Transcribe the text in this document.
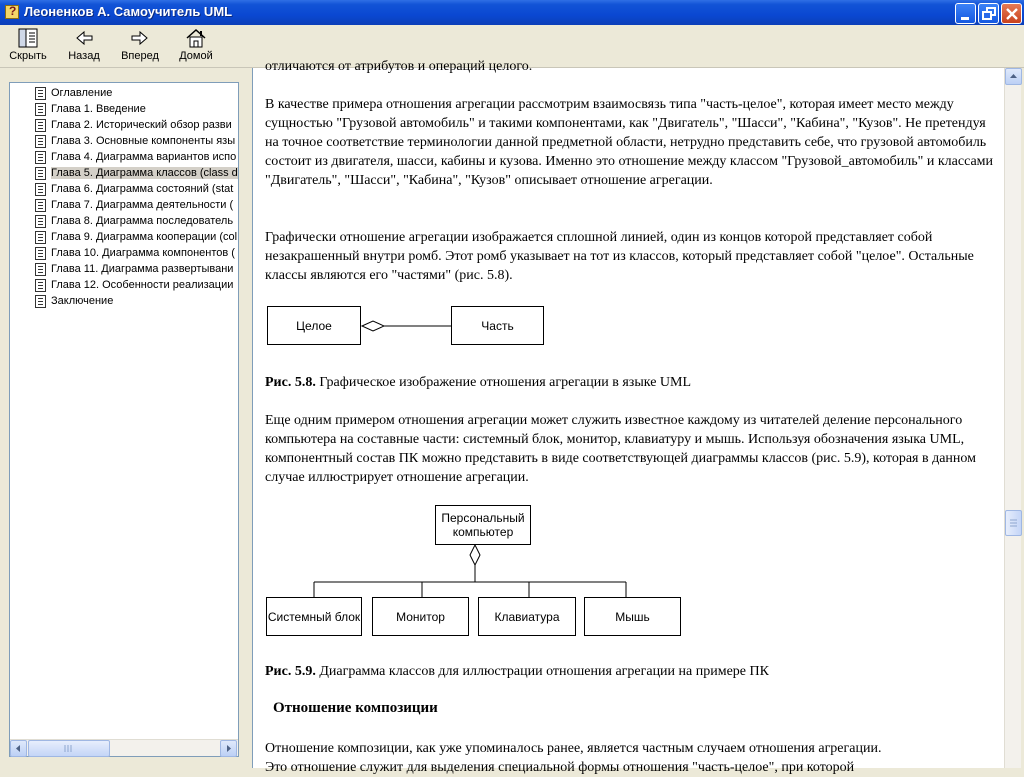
?
Леоненков А. Самоучитель UML
Скрыть Назад Вперед Домой
Оглавление
Глава 1. Введение
Глава 2. Исторический обзор разви
Глава 3. Основные компоненты язы
Глава 4. Диаграмма вариантов испо
Глава 5. Диаграмма классов (class d
Глава 6. Диаграмма состояний (stat
Глава 7. Диаграмма деятельности (
Глава 8. Диаграмма последователь
Глава 9. Диаграмма кооперации (col
Глава 10. Диаграмма компонентов (
Глава 11. Диаграмма развертывани
Глава 12. Особенности реализации
Заключение
отличаются от атрибутов и операций целого.
В качестве примера отношения агрегации рассмотрим взаимосвязь типа "часть-целое", которая имеет место между сущностью "Грузовой автомобиль" и такими компонентами, как "Двигатель", "Шасси", "Кабина", "Кузов". Не претендуя на точное соответствие терминологии данной предметной области, нетрудно представить себе, что грузовой автомобиль состоит из двигателя, шасси, кабины и кузова. Именно это отношение между классом "Грузовой_автомобиль" и классами "Двигатель", "Шасси", "Кабина", "Кузов" описывает отношение агрегации.
Графически отношение агрегации изображается сплошной линией, один из концов которой представляет собой незакрашенный внутри ромб. Этот ромб указывает на тот из классов, который представляет собой "целое". Остальные классы являются его "частями" (рис. 5.8).
Целое	Часть
Рис. 5.8. Графическое изображение отношения агрегации в языке UML
Еще одним примером отношения агрегации может служить известное каждому из читателей деление персонального компьютера на составные части: системный блок, монитор, клавиатуру и мышь. Используя обозначения языка UML, компонентный состав ПК можно представить в виде соответствующей диаграммы классов (рис. 5.9), которая в данном случае иллюстрирует отношение агрегации.
Персональный компьютер
Системный блок	Монитор	Клавиатура	Мышь
Рис. 5.9. Диаграмма классов для иллюстрации отношения агрегации на примере ПК
Отношение композиции
Отношение композиции, как уже упоминалось ранее, является частным случаем отношения агрегации.
Это отношение служит для выделения специальной формы отношения "часть-целое", при которой
